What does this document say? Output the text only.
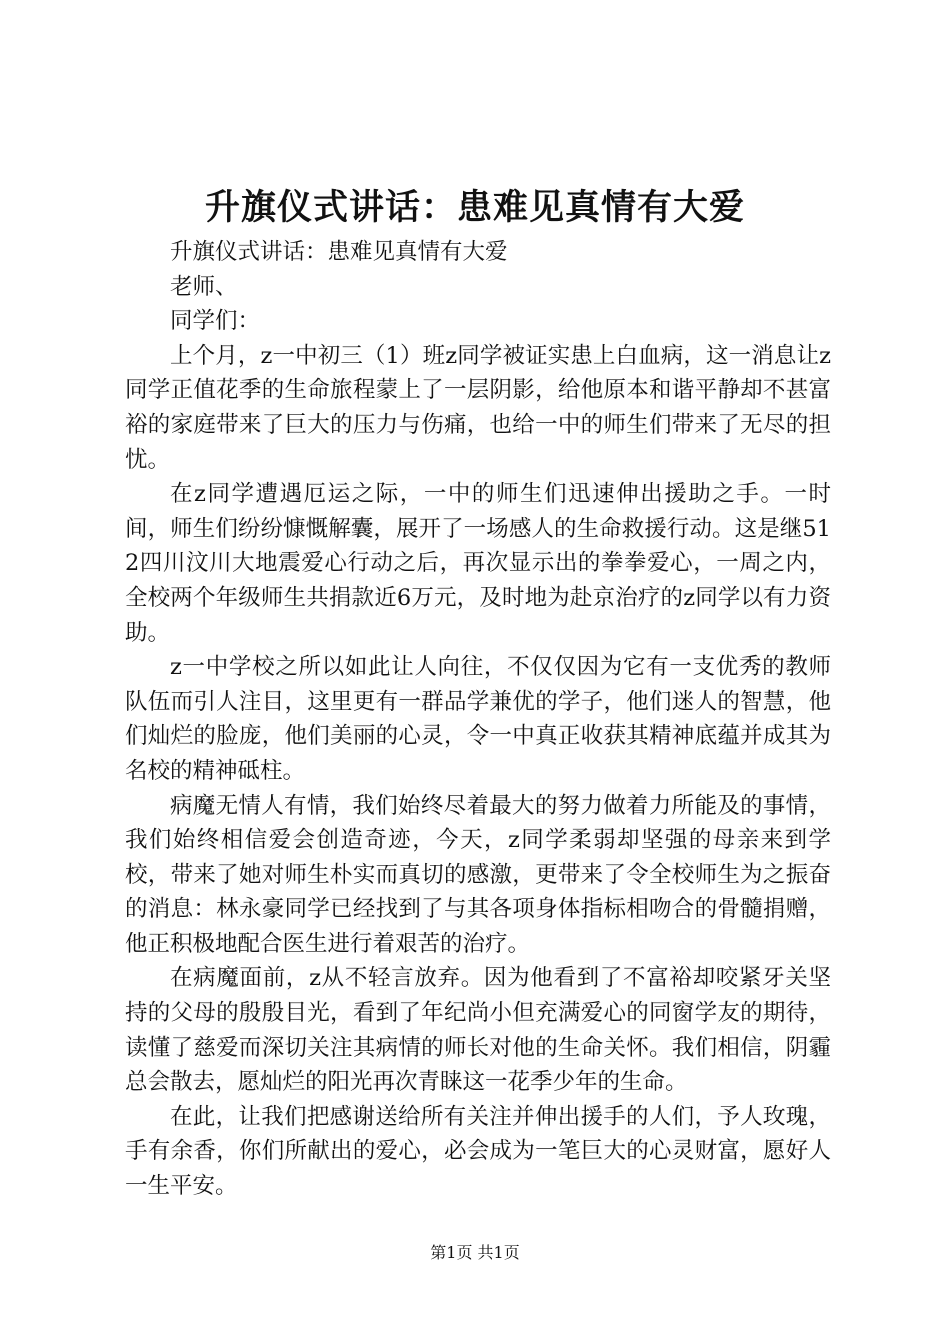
升旗仪式讲话：患难见真情有大爱

升旗仪式讲话：患难见真情有大爱

老师、

同学们：

上个月，z一中初三（1）班z同学被证实患上白血病，这一消息让z同学正值花季的生命旅程蒙上了一层阴影，给他原本和谐平静却不甚富裕的家庭带来了巨大的压力与伤痛，也给一中的师生们带来了无尽的担忧。

在z同学遭遇厄运之际，一中的师生们迅速伸出援助之手。一时间，师生们纷纷慷慨解囊，展开了一场感人的生命救援行动。这是继512四川汶川大地震爱心行动之后，再次显示出的拳拳爱心，一周之内，全校两个年级师生共捐款近6万元，及时地为赴京治疗的z同学以有力资助。

z一中学校之所以如此让人向往，不仅仅因为它有一支优秀的教师队伍而引人注目，这里更有一群品学兼优的学子，他们迷人的智慧，他们灿烂的脸庞，他们美丽的心灵，令一中真正收获其精神底蕴并成其为名校的精神砥柱。

病魔无情人有情，我们始终尽着最大的努力做着力所能及的事情，我们始终相信爱会创造奇迹，今天，z同学柔弱却坚强的母亲来到学校，带来了她对师生朴实而真切的感激，更带来了令全校师生为之振奋的消息：林永豪同学已经找到了与其各项身体指标相吻合的骨髓捐赠，他正积极地配合医生进行着艰苦的治疗。

在病魔面前，z从不轻言放弃。因为他看到了不富裕却咬紧牙关坚持的父母的殷殷目光，看到了年纪尚小但充满爱心的同窗学友的期待，读懂了慈爱而深切关注其病情的师长对他的生命关怀。我们相信，阴霾总会散去，愿灿烂的阳光再次青睐这一花季少年的生命。

在此，让我们把感谢送给所有关注并伸出援手的人们，予人玫瑰，手有余香，你们所献出的爱心，必会成为一笔巨大的心灵财富，愿好人一生平安。

第1页 共1页
